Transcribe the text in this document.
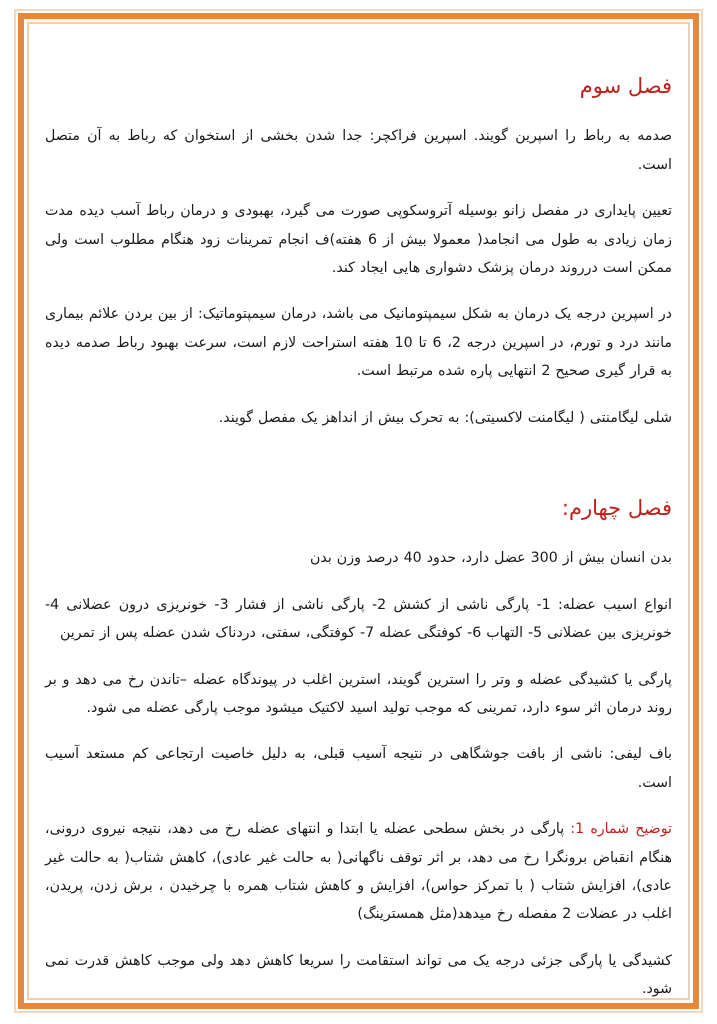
فصل سوم

صدمه به رباط را اسپرین گویند. اسپرین فراکچر: جدا شدن بخشی از استخوان که رباط به آن متصل است.

تعیین پایداری در مفصل زانو بوسیله آتروسکوپی صورت می گیرد، بهبودی و درمان رباط آسب دیده مدت زمان زیادی به طول می انجامد( معمولا بیش از 6 هفته)ف انجام تمرینات زود هنگام مطلوب است ولی ممکن است درروند درمان پزشک دشواری هایی ایجاد کند.

در اسپرین درجه یک درمان به شکل سیمپتومانیک می باشد، درمان سیمپتوماتیک: از بین بردن علائم بیماری مانند درد و تورم، در اسپرین درجه 2، 6 تا 10 هفته استراحت لازم است، سرعت بهبود رباط صدمه دیده به قرار گیری صحیح 2 انتهایی پاره شده مرتبط است.

شلی لیگامنتی ( لیگامنت لاکسیتی): به تحرک بیش از انداهز یک مفصل گویند.

فصل چهارم:

بدن انسان بیش از 300 عضل دارد، حدود 40 درصد وزن بدن

انواع اسیب عضله: 1- پارگی ناشی از کشش 2- پارگی ناشی از فشار 3- خونریزی درون عضلانی 4- خونریزی بین عضلانی 5- التهاب 6- کوفتگی عضله 7- کوفتگی، سفتی، دردناک شدن عضله پس از تمرین

پارگی یا کشیدگی عضله و وتر را استرین گویند، استرین اغلب در پیوندگاه عضله –تاندن رخ می دهد و بر روند درمان اثر سوء دارد، تمرینی که موجب تولید اسید لاکتیک میشود موجب پارگی عضله می شود.

باف لیفی: ناشی از بافت جوشگاهی در نتیجه آسیب قبلی، به دلیل خاصیت ارتجاعی کم مستعد آسیب است.

توضیح شماره 1: پارگی در بخش سطحی عضله یا ابتدا و انتهای عضله رخ می دهد، نتیجه نیروی درونی، هنگام انقباض برونگرا رخ می دهد، بر اثر توقف ناگهانی( به حالت غیر عادی)، کاهش شتاب( به حالت غیر عادی)، افزایش شتاب ( با تمرکز حواس)، افزایش و کاهش شتاب همره با چرخیدن ، برش زدن، پریدن، اغلب در عضلات 2 مفصله رخ میدهد(مثل همسترینگ)

کشیدگی یا پارگی جزئی درجه یک می تواند استقامت را سریعا کاهش دهد ولی موجب کاهش قدرت نمی شود.
